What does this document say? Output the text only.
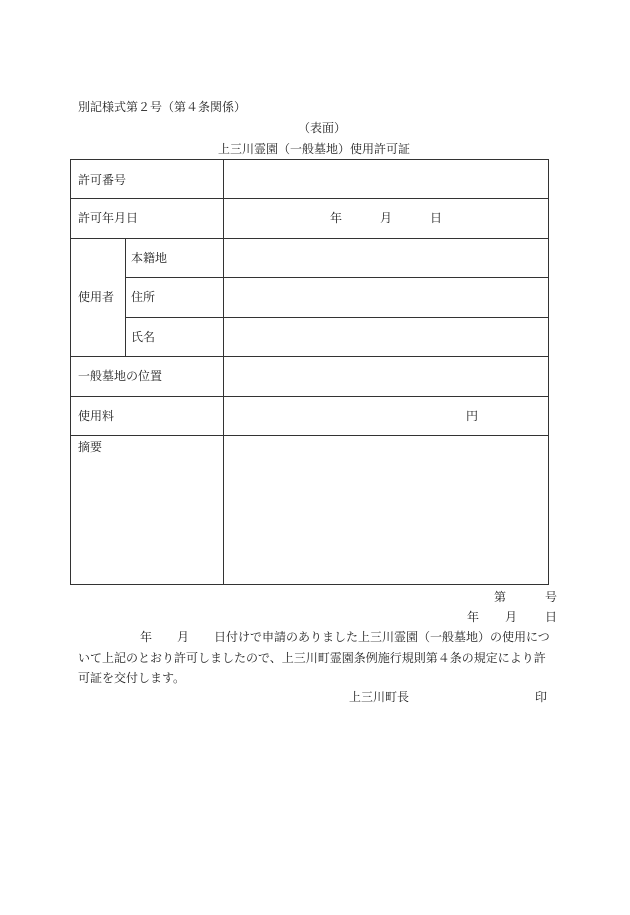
別記様式第２号（第４条関係）
（表面）
上三川霊園（一般墓地）使用許可証
許可番号
許可年月日	年	月	日
使用者
本籍地
住所
氏名
一般墓地の位置
使用料	円
摘要
第	号
年 月 日
年 月 日付けで申請のありました上三川霊園（一般墓地）の使用につ
いて上記のとおり許可しましたので、上三川町霊園条例施行規則第４条の規定により許
可証を交付します。
上三川町長	印
